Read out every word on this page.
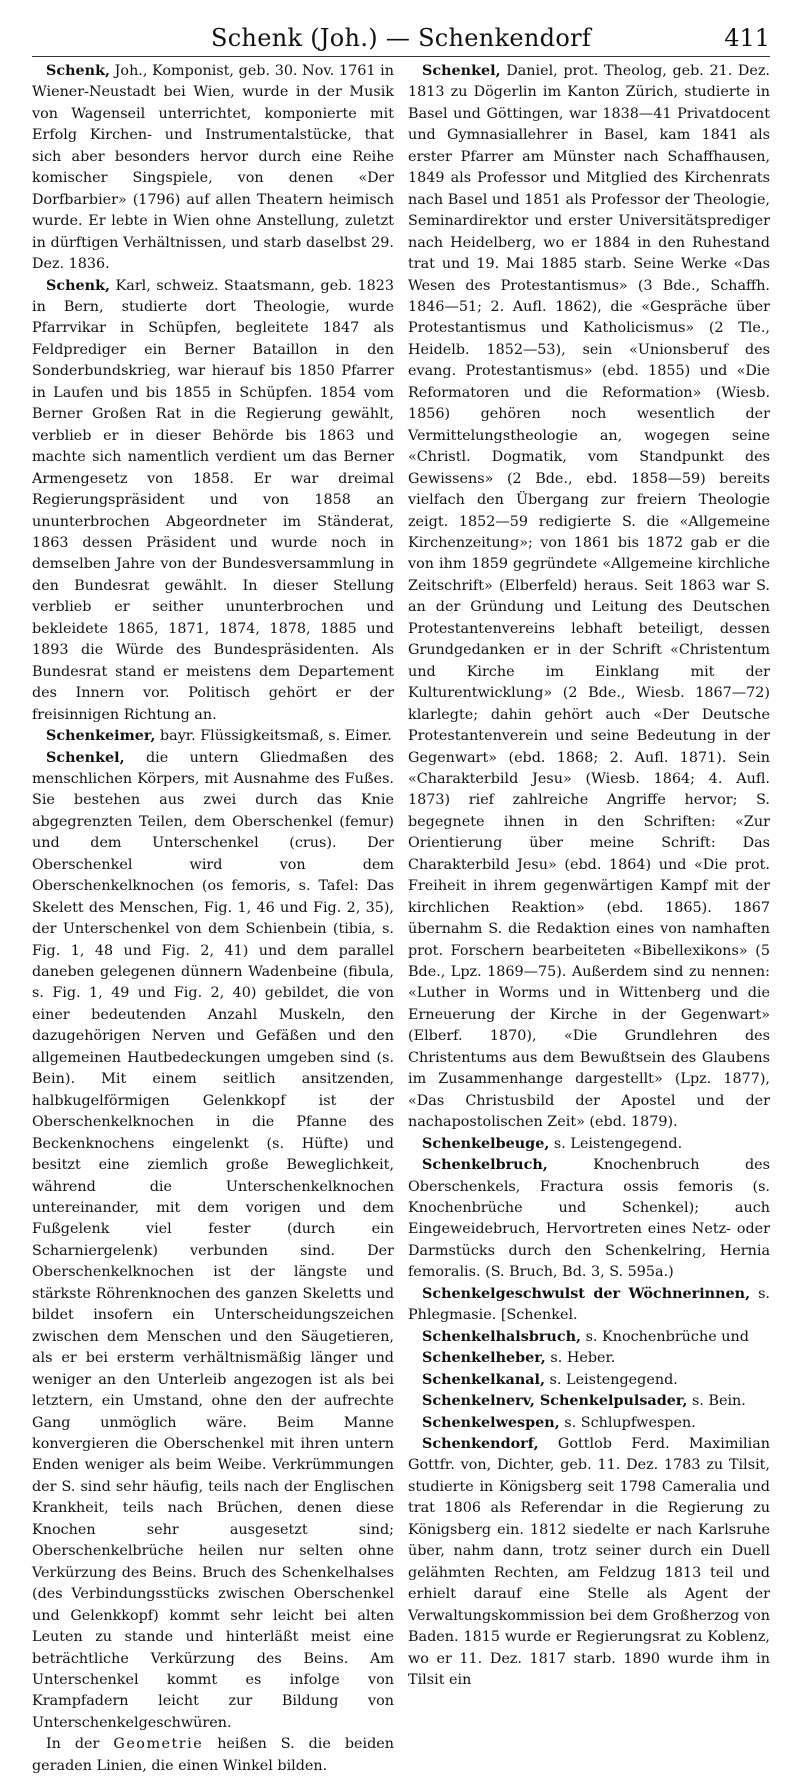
Schenk (Joh.) — Schenkendorf	411

Schenk, Joh., Komponist, geb. 30. Nov. 1761 in Wiener-Neustadt bei Wien, wurde in der Musik von Wagenseil unterrichtet, komponierte mit Erfolg Kirchen- und Instrumentalstücke, that sich aber besonders hervor durch eine Reihe komischer Singspiele, von denen «Der Dorfbarbier» (1796) auf allen Theatern heimisch wurde. Er lebte in Wien ohne Anstellung, zuletzt in dürftigen Verhältnissen, und starb daselbst 29. Dez. 1836.

Schenk, Karl, schweiz. Staatsmann, geb. 1823 in Bern, studierte dort Theologie, wurde Pfarrvikar in Schüpfen, begleitete 1847 als Feldprediger ein Berner Bataillon in den Sonderbundskrieg, war hierauf bis 1850 Pfarrer in Laufen und bis 1855 in Schüpfen. 1854 vom Berner Großen Rat in die Regierung gewählt, verblieb er in dieser Behörde bis 1863 und machte sich namentlich verdient um das Berner Armengesetz von 1858. Er war dreimal Regierungspräsident und von 1858 an ununterbrochen Abgeordneter im Ständerat, 1863 dessen Präsident und wurde noch in demselben Jahre von der Bundesversammlung in den Bundesrat gewählt. In dieser Stellung verblieb er seither ununterbrochen und bekleidete 1865, 1871, 1874, 1878, 1885 und 1893 die Würde des Bundespräsidenten. Als Bundesrat stand er meistens dem Departement des Innern vor. Politisch gehört er der freisinnigen Richtung an.

Schenkeimer, bayr. Flüssigkeitsmaß, s. Eimer.

Schenkel, die untern Gliedmaßen des menschlichen Körpers, mit Ausnahme des Fußes. Sie bestehen aus zwei durch das Knie abgegrenzten Teilen, dem Oberschenkel (femur) und dem Unterschenkel (crus). Der Oberschenkel wird von dem Oberschenkelknochen (os femoris, s. Tafel: Das Skelett des Menschen, Fig. 1, 46 und Fig. 2, 35), der Unterschenkel von dem Schienbein (tibia, s. Fig. 1, 48 und Fig. 2, 41) und dem parallel daneben gelegenen dünnern Wadenbeine (fibula, s. Fig. 1, 49 und Fig. 2, 40) gebildet, die von einer bedeutenden Anzahl Muskeln, den dazugehörigen Nerven und Gefäßen und den allgemeinen Hautbedeckungen umgeben sind (s. Bein). Mit einem seitlich ansitzenden, halbkugelförmigen Gelenkkopf ist der Oberschenkelknochen in die Pfanne des Beckenknochens eingelenkt (s. Hüfte) und besitzt eine ziemlich große Beweglichkeit, während die Unterschenkelknochen untereinander, mit dem vorigen und dem Fußgelenk viel fester (durch ein Scharniergelenk) verbunden sind. Der Oberschenkelknochen ist der längste und stärkste Röhrenknochen des ganzen Skeletts und bildet insofern ein Unterscheidungszeichen zwischen dem Menschen und den Säugetieren, als er bei ersterm verhältnismäßig länger und weniger an den Unterleib angezogen ist als bei letztern, ein Umstand, ohne den der aufrechte Gang unmöglich wäre. Beim Manne konvergieren die Oberschenkel mit ihren untern Enden weniger als beim Weibe. Verkrümmungen der S. sind sehr häufig, teils nach der Englischen Krankheit, teils nach Brüchen, denen diese Knochen sehr ausgesetzt sind; Oberschenkelbrüche heilen nur selten ohne Verkürzung des Beins. Bruch des Schenkelhalses (des Verbindungsstücks zwischen Oberschenkel und Gelenkkopf) kommt sehr leicht bei alten Leuten zu stande und hinterläßt meist eine beträchtliche Verkürzung des Beins. Am Unterschenkel kommt es infolge von Krampfadern leicht zur Bildung von Unterschenkelgeschwüren.

In der Geometrie heißen S. die beiden geraden Linien, die einen Winkel bilden.

Schenkel, Daniel, prot. Theolog, geb. 21. Dez. 1813 zu Dögerlin im Kanton Zürich, studierte in Basel und Göttingen, war 1838—41 Privatdocent und Gymnasiallehrer in Basel, kam 1841 als erster Pfarrer am Münster nach Schaffhausen, 1849 als Professor und Mitglied des Kirchenrats nach Basel und 1851 als Professor der Theologie, Seminardirektor und erster Universitätsprediger nach Heidelberg, wo er 1884 in den Ruhestand trat und 19. Mai 1885 starb. Seine Werke «Das Wesen des Protestantismus» (3 Bde., Schaffh. 1846—51; 2. Aufl. 1862), die «Gespräche über Protestantismus und Katholicismus» (2 Tle., Heidelb. 1852—53), sein «Unionsberuf des evang. Protestantismus» (ebd. 1855) und «Die Reformatoren und die Reformation» (Wiesb. 1856) gehören noch wesentlich der Vermittelungstheologie an, wogegen seine «Christl. Dogmatik, vom Standpunkt des Gewissens» (2 Bde., ebd. 1858—59) bereits vielfach den Übergang zur freiern Theologie zeigt. 1852—59 redigierte S. die «Allgemeine Kirchenzeitung»; von 1861 bis 1872 gab er die von ihm 1859 gegründete «Allgemeine kirchliche Zeitschrift» (Elberfeld) heraus. Seit 1863 war S. an der Gründung und Leitung des Deutschen Protestantenvereins lebhaft beteiligt, dessen Grundgedanken er in der Schrift «Christentum und Kirche im Einklang mit der Kulturentwicklung» (2 Bde., Wiesb. 1867—72) klarlegte; dahin gehört auch «Der Deutsche Protestantenverein und seine Bedeutung in der Gegenwart» (ebd. 1868; 2. Aufl. 1871). Sein «Charakterbild Jesu» (Wiesb. 1864; 4. Aufl. 1873) rief zahlreiche Angriffe hervor; S. begegnete ihnen in den Schriften: «Zur Orientierung über meine Schrift: Das Charakterbild Jesu» (ebd. 1864) und «Die prot. Freiheit in ihrem gegenwärtigen Kampf mit der kirchlichen Reaktion» (ebd. 1865). 1867 übernahm S. die Redaktion eines von namhaften prot. Forschern bearbeiteten «Bibellexikons» (5 Bde., Lpz. 1869—75). Außerdem sind zu nennen: «Luther in Worms und in Wittenberg und die Erneuerung der Kirche in der Gegenwart» (Elberf. 1870), «Die Grundlehren des Christentums aus dem Bewußtsein des Glaubens im Zusammenhange dargestellt» (Lpz. 1877), «Das Christusbild der Apostel und der nachapostolischen Zeit» (ebd. 1879).

Schenkelbeuge, s. Leistengegend.

Schenkelbruch, Knochenbruch des Oberschenkels, Fractura ossis femoris (s. Knochenbrüche und Schenkel); auch Eingeweidebruch, Hervortreten eines Netz- oder Darmstücks durch den Schenkelring, Hernia femoralis. (S. Bruch, Bd. 3, S. 595a.)

Schenkelgeschwulst der Wöchnerinnen, s. Phlegmasie. [Schenkel.

Schenkelhalsbruch, s. Knochenbrüche und

Schenkelheber, s. Heber.

Schenkelkanal, s. Leistengegend.

Schenkelnerv, Schenkelpulsader, s. Bein.

Schenkelwespen, s. Schlupfwespen.

Schenkendorf, Gottlob Ferd. Maximilian Gottfr. von, Dichter, geb. 11. Dez. 1783 zu Tilsit, studierte in Königsberg seit 1798 Cameralia und trat 1806 als Referendar in die Regierung zu Königsberg ein. 1812 siedelte er nach Karlsruhe über, nahm dann, trotz seiner durch ein Duell gelähmten Rechten, am Feldzug 1813 teil und erhielt darauf eine Stelle als Agent der Verwaltungskommission bei dem Großherzog von Baden. 1815 wurde er Regierungsrat zu Koblenz, wo er 11. Dez. 1817 starb. 1890 wurde ihm in Tilsit ein
